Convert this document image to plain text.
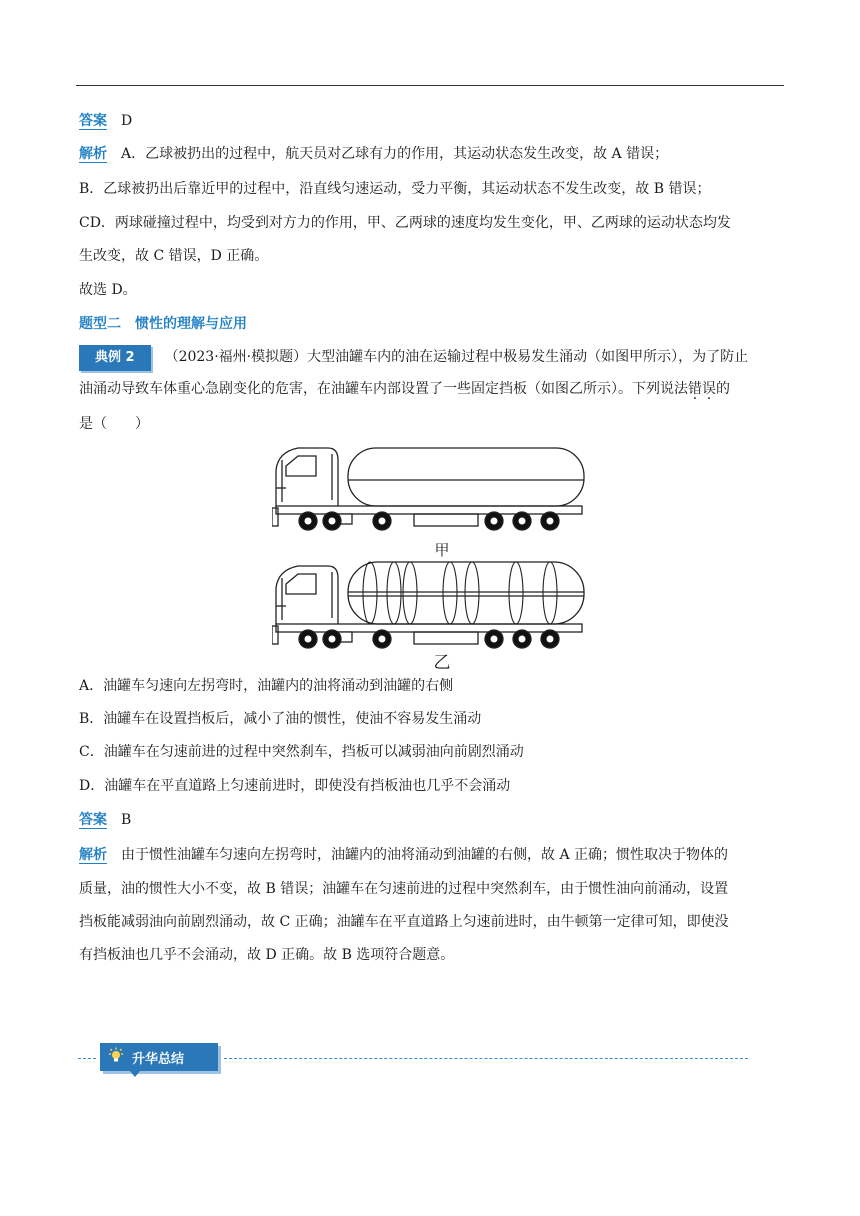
答案 D
解析 A．乙球被扔出的过程中，航天员对乙球有力的作用，其运动状态发生改变，故 A 错误；
B．乙球被扔出后靠近甲的过程中，沿直线匀速运动，受力平衡，其运动状态不发生改变，故 B 错误；
CD．两球碰撞过程中，均受到对方力的作用，甲、乙两球的速度均发生变化，甲、乙两球的运动状态均发
生改变，故 C 错误，D 正确。
故选 D。
题型二　惯性的理解与应用
典例 2 （2023·福州·模拟题）大型油罐车内的油在运输过程中极易发生涌动（如图甲所示），为了防止
油涌动导致车体重心急剧变化的危害，在油罐车内部设置了一些固定挡板（如图乙所示）。下列说法错误的
是（　　）
甲
乙
A．油罐车匀速向左拐弯时，油罐内的油将涌动到油罐的右侧
B．油罐车在设置挡板后，减小了油的惯性，使油不容易发生涌动
C．油罐车在匀速前进的过程中突然刹车，挡板可以减弱油向前剧烈涌动
D．油罐车在平直道路上匀速前进时，即使没有挡板油也几乎不会涌动
答案 B
解析 由于惯性油罐车匀速向左拐弯时，油罐内的油将涌动到油罐的右侧，故 A 正确；惯性取决于物体的
质量，油的惯性大小不变，故 B 错误；油罐车在匀速前进的过程中突然刹车，由于惯性油向前涌动，设置
挡板能减弱油向前剧烈涌动，故 C 正确；油罐车在平直道路上匀速前进时，由牛顿第一定律可知，即使没
有挡板油也几乎不会涌动，故 D 正确。故 B 选项符合题意。
升华总结
